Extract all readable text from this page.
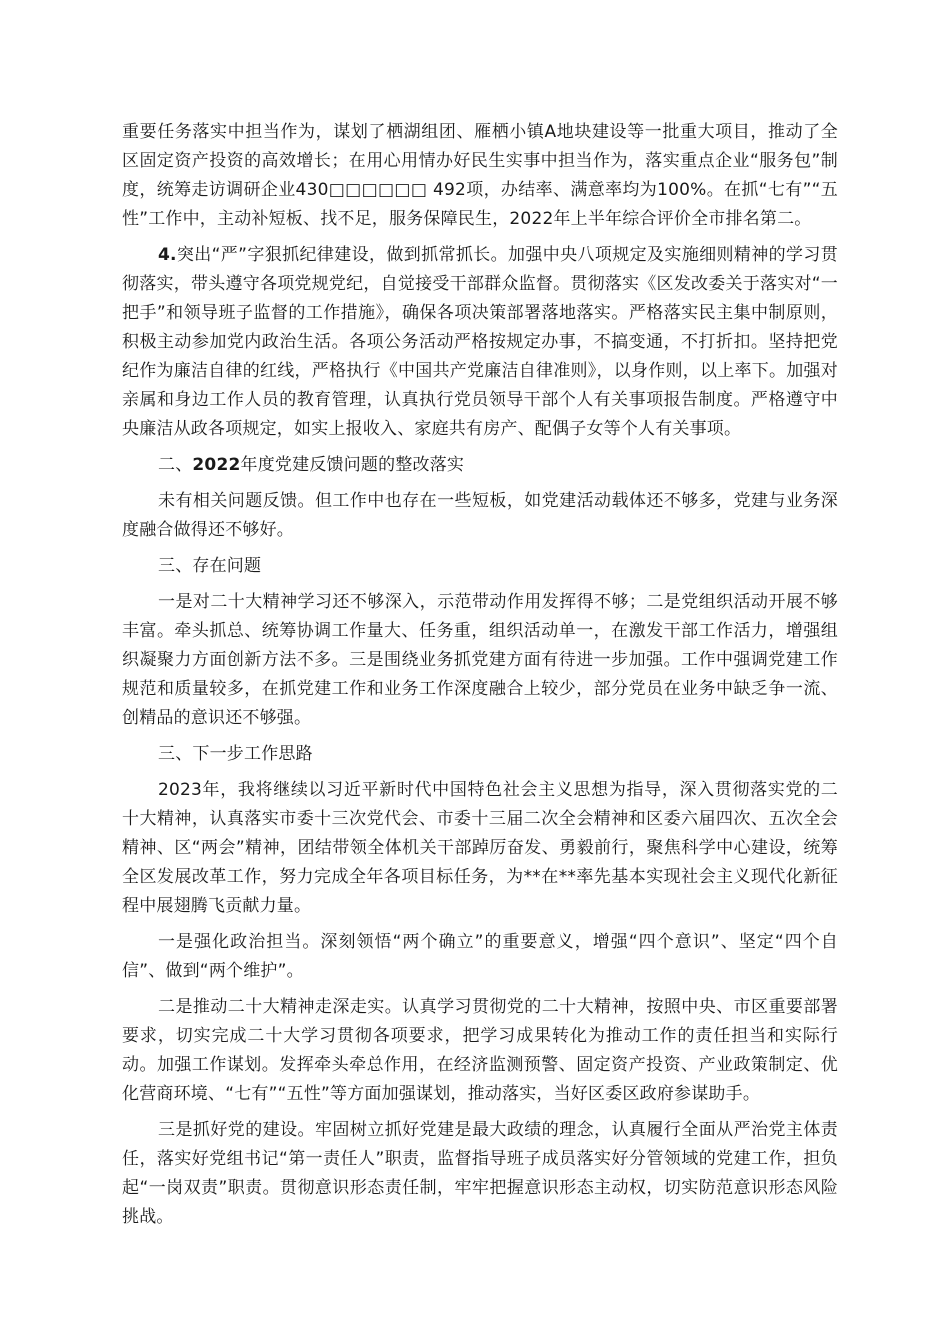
重要任务落实中担当作为，谋划了栖湖组团、雁栖小镇A地块建设等一批重大项目，推动了全区固定资产投资的高效增长；在用心用情办好民生实事中担当作为，落实重点企业“服务包”制度，统筹走访调研企业430□□□□□□ 492项，办结率、满意率均为100%。在抓“七有”“五性”工作中，主动补短板、找不足，服务保障民生，2022年上半年综合评价全市排名第二。

4.突出“严”字狠抓纪律建设，做到抓常抓长。加强中央八项规定及实施细则精神的学习贯彻落实，带头遵守各项党规党纪，自觉接受干部群众监督。贯彻落实《区发改委关于落实对“一把手”和领导班子监督的工作措施》，确保各项决策部署落地落实。严格落实民主集中制原则，积极主动参加党内政治生活。各项公务活动严格按规定办事，不搞变通，不打折扣。坚持把党纪作为廉洁自律的红线，严格执行《中国共产党廉洁自律准则》，以身作则，以上率下。加强对亲属和身边工作人员的教育管理，认真执行党员领导干部个人有关事项报告制度。严格遵守中央廉洁从政各项规定，如实上报收入、家庭共有房产、配偶子女等个人有关事项。

二、2022年度党建反馈问题的整改落实

未有相关问题反馈。但工作中也存在一些短板，如党建活动载体还不够多，党建与业务深度融合做得还不够好。

三、存在问题

一是对二十大精神学习还不够深入，示范带动作用发挥得不够；二是党组织活动开展不够丰富。牵头抓总、统筹协调工作量大、任务重，组织活动单一，在激发干部工作活力，增强组织凝聚力方面创新方法不多。三是围绕业务抓党建方面有待进一步加强。工作中强调党建工作规范和质量较多，在抓党建工作和业务工作深度融合上较少，部分党员在业务中缺乏争一流、创精品的意识还不够强。

三、下一步工作思路

2023年，我将继续以习近平新时代中国特色社会主义思想为指导，深入贯彻落实党的二十大精神，认真落实市委十三次党代会、市委十三届二次全会精神和区委六届四次、五次全会精神、区“两会”精神，团结带领全体机关干部踔厉奋发、勇毅前行，聚焦科学中心建设，统筹全区发展改革工作，努力完成全年各项目标任务，为**在**率先基本实现社会主义现代化新征程中展翅腾飞贡献力量。

一是强化政治担当。深刻领悟“两个确立”的重要意义，增强“四个意识”、坚定“四个自信”、做到“两个维护”。

二是推动二十大精神走深走实。认真学习贯彻党的二十大精神，按照中央、市区重要部署要求，切实完成二十大学习贯彻各项要求，把学习成果转化为推动工作的责任担当和实际行动。加强工作谋划。发挥牵头牵总作用，在经济监测预警、固定资产投资、产业政策制定、优化营商环境、“七有”“五性”等方面加强谋划，推动落实，当好区委区政府参谋助手。

三是抓好党的建设。牢固树立抓好党建是最大政绩的理念，认真履行全面从严治党主体责任，落实好党组书记“第一责任人”职责，监督指导班子成员落实好分管领域的党建工作，担负起“一岗双责”职责。贯彻意识形态责任制，牢牢把握意识形态主动权，切实防范意识形态风险挑战。
